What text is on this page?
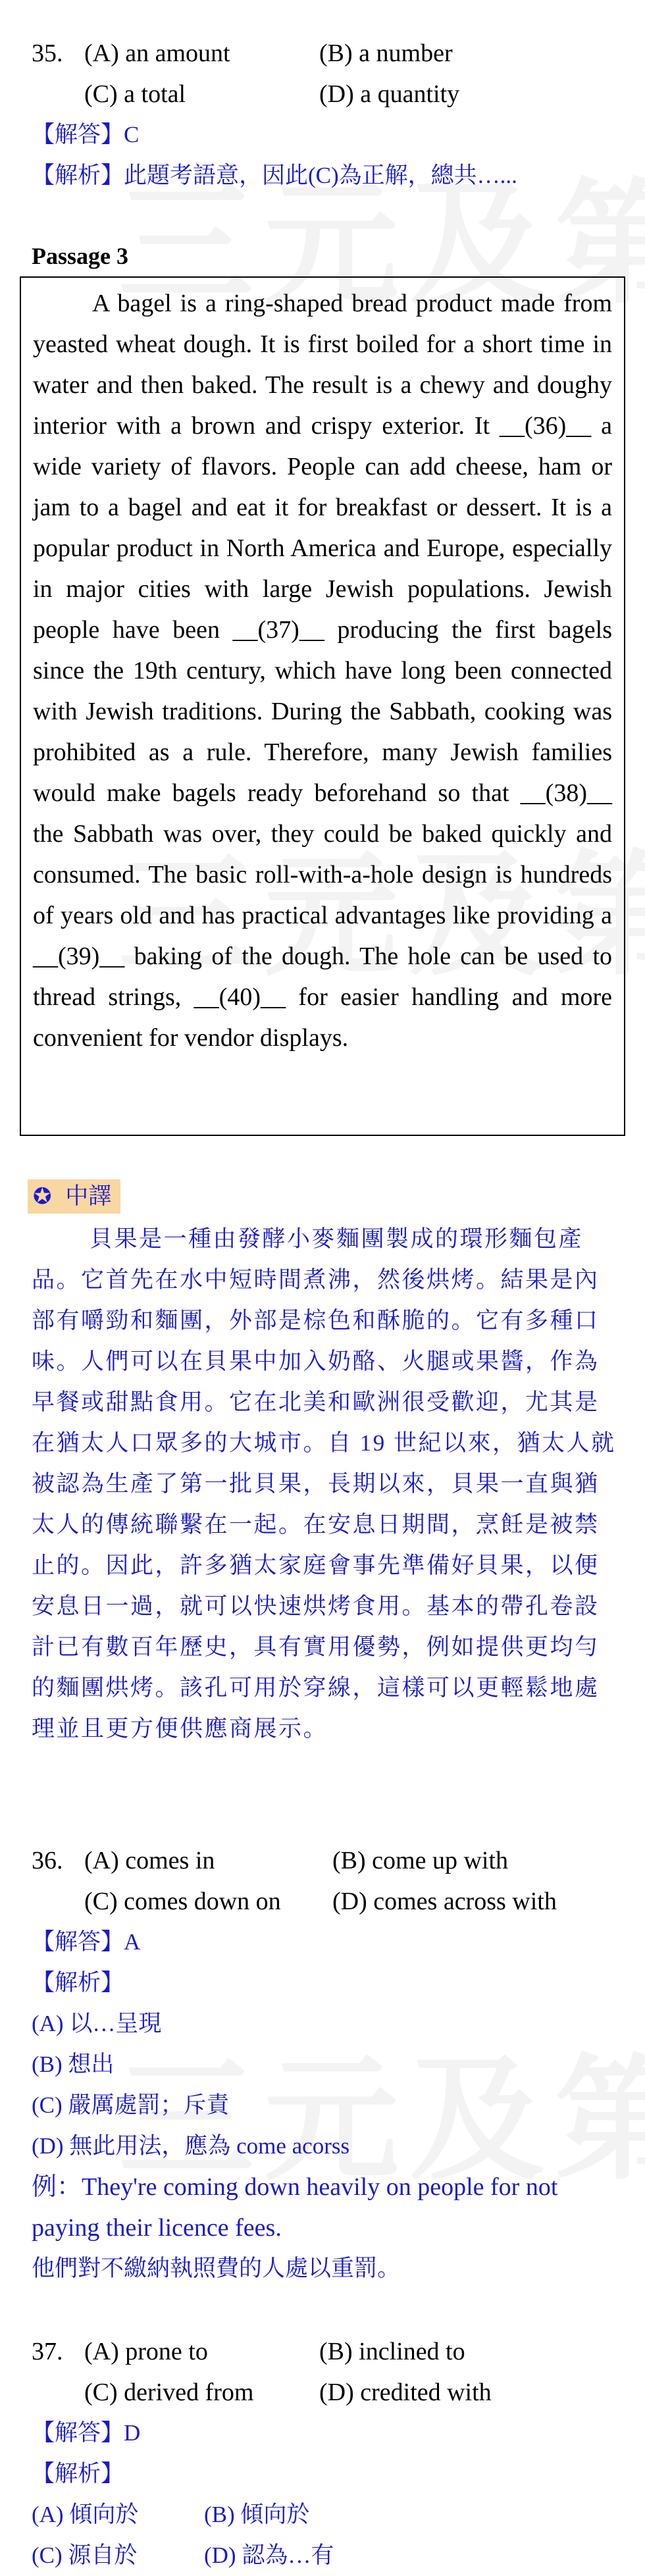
35. (A) an amount	(B) a number
(C) a total	(D) a quantity
【解答】C
【解析】此題考語意，因此(C)為正解，總共…...
Passage 3

A bagel is a ring-shaped bread product made from yeasted wheat dough. It is first boiled for a short time in water and then baked. The result is a chewy and doughy interior with a brown and crispy exterior. It __(36)__ a wide variety of flavors. People can add cheese, ham or jam to a bagel and eat it for breakfast or dessert. It is a popular product in North America and Europe, especially in major cities with large Jewish populations. Jewish people have been __(37)__ producing the first bagels since the 19th century, which have long been connected with Jewish traditions. During the Sabbath, cooking was prohibited as a rule. Therefore, many Jewish families would make bagels ready beforehand so that __(38)__ the Sabbath was over, they could be baked quickly and consumed. The basic roll-with-a-hole design is hundreds of years old and has practical advantages like providing a __(39)__ baking of the dough. The hole can be used to thread strings, __(40)__ for easier handling and more convenient for vendor displays.

✪ 中譯

貝果是一種由發酵小麥麵團製成的環形麵包產品。它首先在水中短時間煮沸，然後烘烤。結果是內部有嚼勁和麵團，外部是棕色和酥脆的。它有多種口味。人們可以在貝果中加入奶酪、火腿或果醬，作為早餐或甜點食用。它在北美和歐洲很受歡迎，尤其是在猶太人口眾多的大城市。自 19 世紀以來，猶太人就被認為生產了第一批貝果，長期以來，貝果一直與猶太人的傳統聯繫在一起。在安息日期間，烹飪是被禁止的。因此，許多猶太家庭會事先準備好貝果，以便安息日一過，就可以快速烘烤食用。基本的帶孔卷設計已有數百年歷史，具有實用優勢，例如提供更均勻的麵團烘烤。該孔可用於穿線，這樣可以更輕鬆地處理並且更方便供應商展示。

36. (A) comes in	(B) come up with
(C) comes down on (D) comes across with
【解答】A
【解析】
(A) 以…呈現
(B) 想出
(C) 嚴厲處罰；斥責
(D) 無此用法，應為 come acorss
例：They're coming down heavily on people for not
paying their licence fees.
他們對不繳納執照費的人處以重罰。
37. (A) prone to	(B) inclined to
(C) derived from	(D) credited with
【解答】D
【解析】
(A) 傾向於	(B) 傾向於
(C) 源自於	(D) 認為…有
